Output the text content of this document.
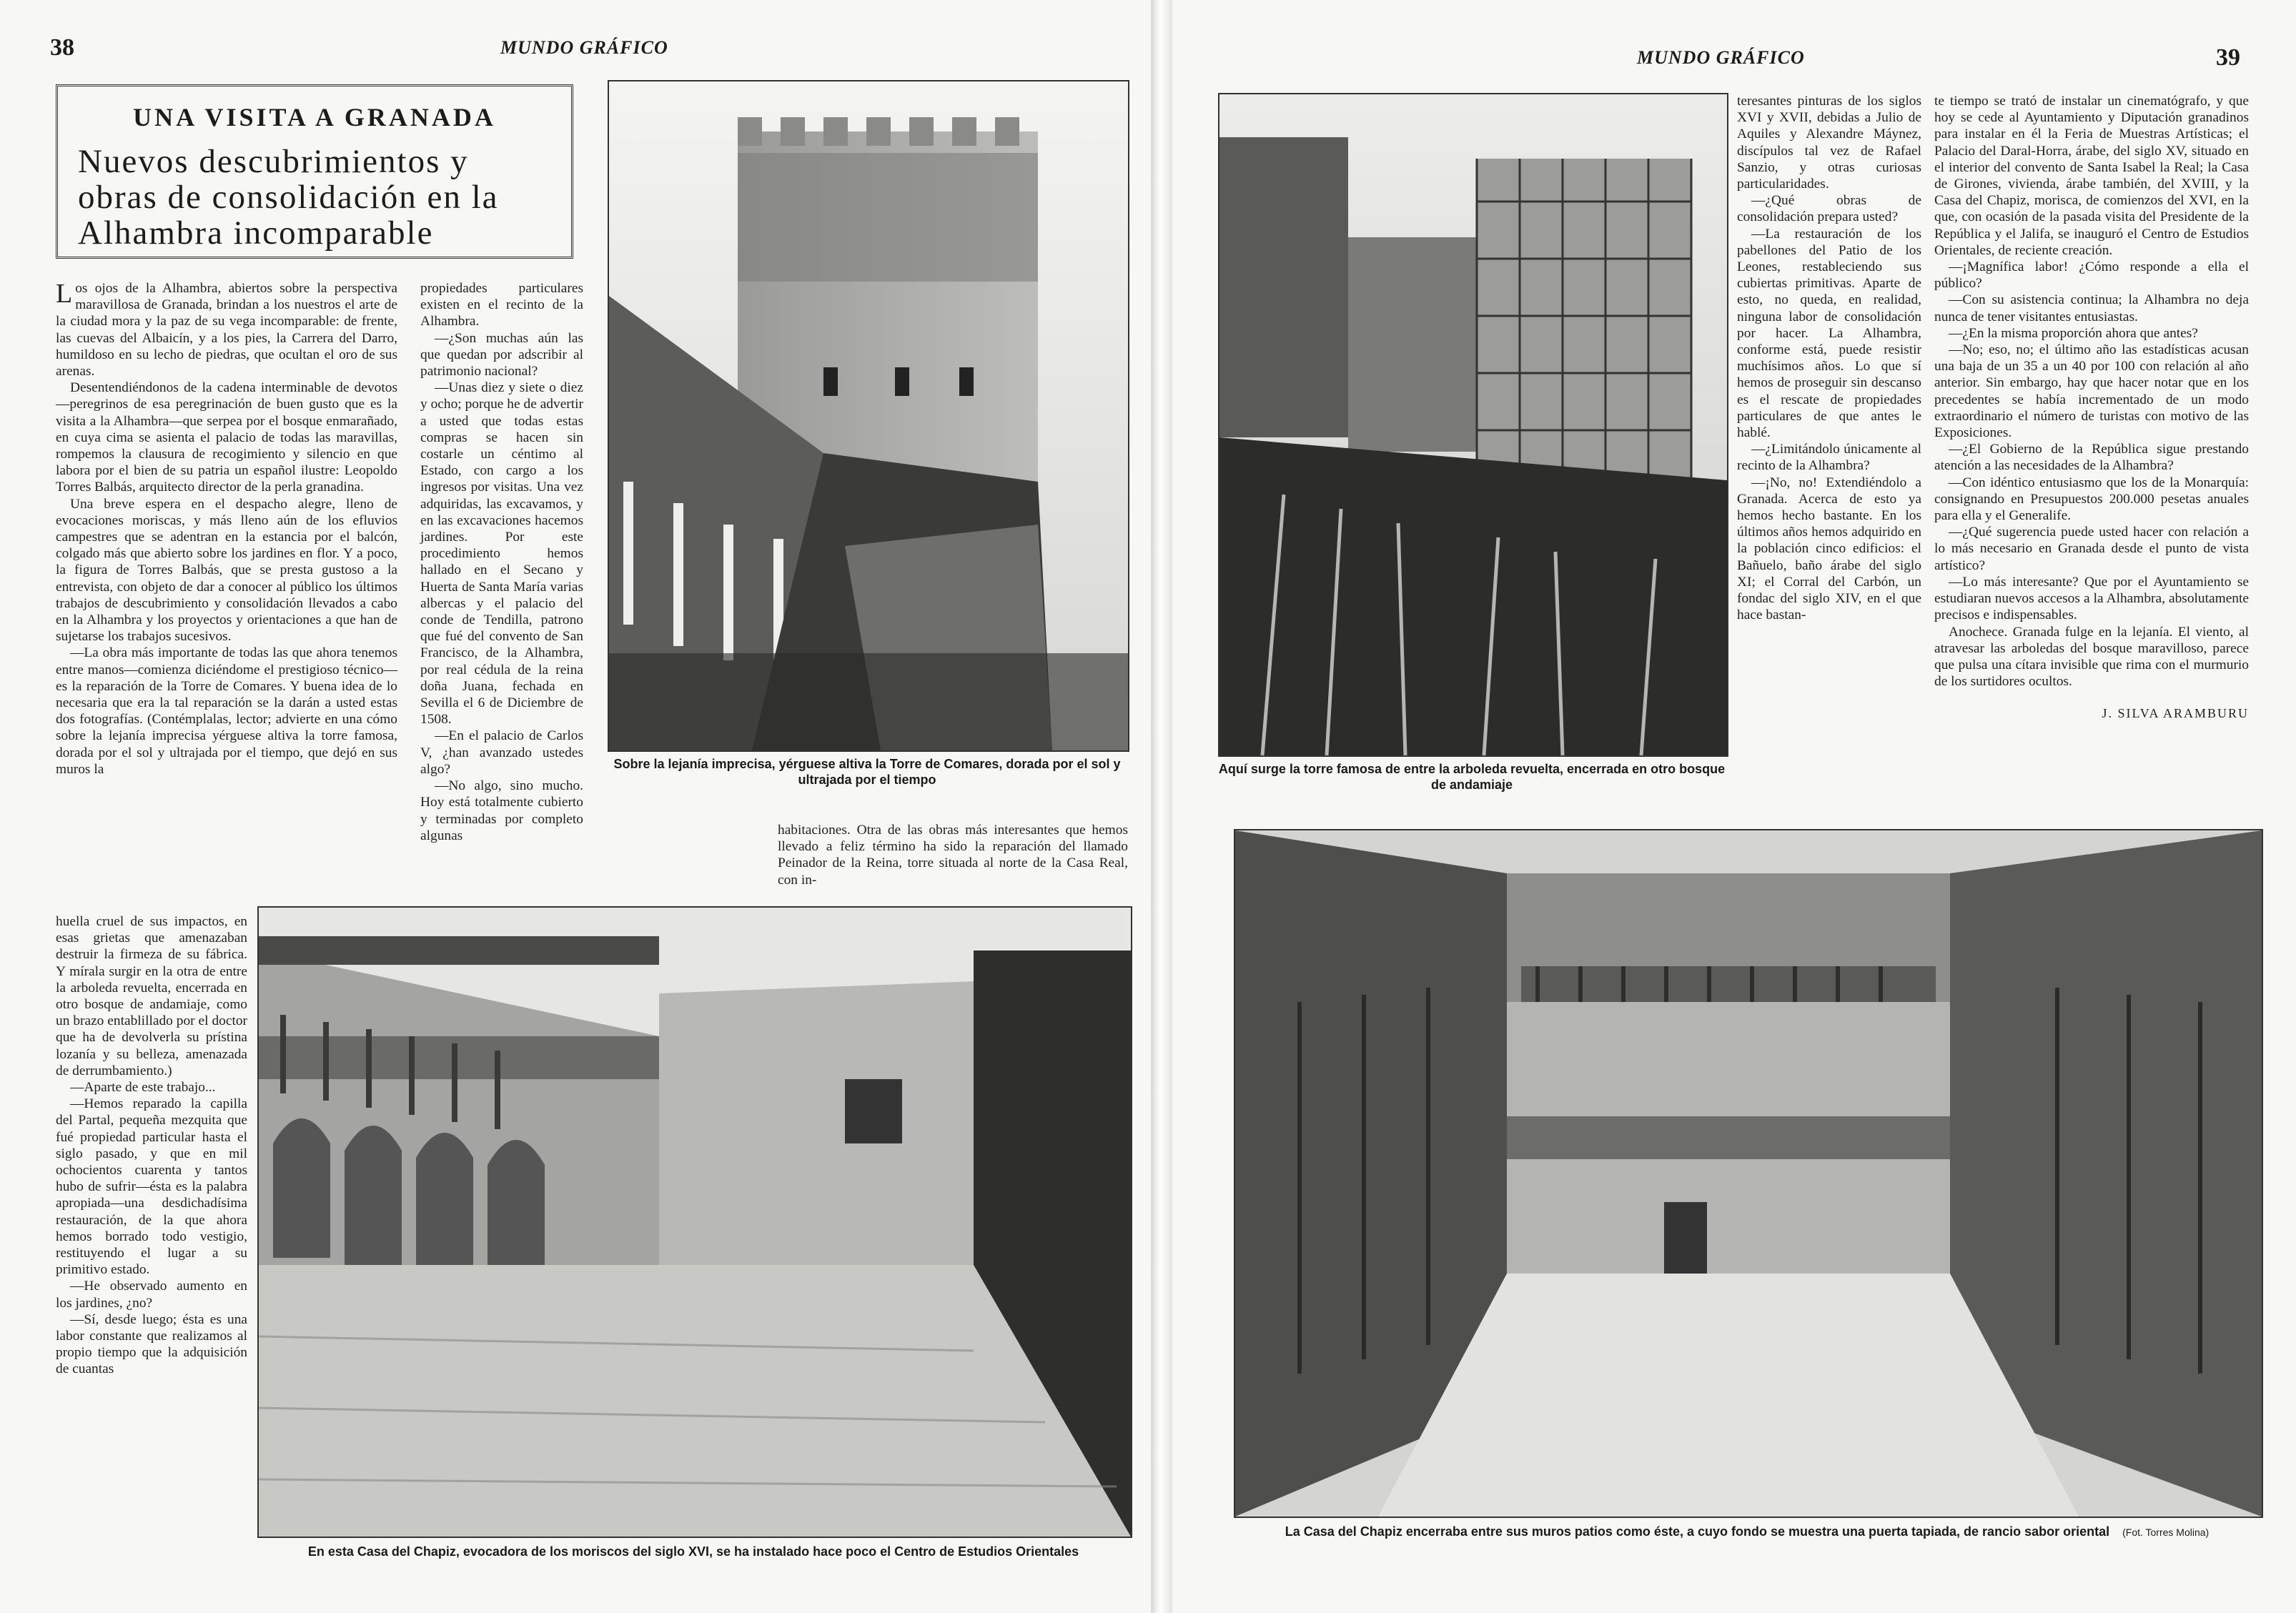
38	MUNDO GRÁFICO
UNA VISITA A GRANADA
Nuevos descubrimientos y obras de consolidación en la Alhambra incomparable
Sobre la lejanía imprecisa, yérguese altiva la Torre de Comares, dorada por el sol y ultrajada por el tiempo

Los ojos de la Alhambra, abiertos sobre la perspectiva maravillosa de Granada, brindan a los nuestros el arte de la ciudad mora y la paz de su vega incomparable: de frente, las cuevas del Albaicín, y a los pies, la Carrera del Darro, humildoso en su lecho de piedras, que ocultan el oro de sus arenas.

Desentendiéndonos de la cadena interminable de devotos—peregrinos de esa peregrinación de buen gusto que es la visita a la Alhambra—que serpea por el bosque enmarañado, en cuya cima se asienta el palacio de todas las maravillas, rompemos la clausura de recogimiento y silencio en que labora por el bien de su patria un español ilustre: Leopoldo Torres Balbás, arquitecto director de la perla granadina.

Una breve espera en el despacho alegre, lleno de evocaciones moriscas, y más lleno aún de los efluvios campestres que se adentran en la estancia por el balcón, colgado más que abierto sobre los jardines en flor. Y a poco, la figura de Torres Balbás, que se presta gustoso a la entrevista, con objeto de dar a conocer al público los últimos trabajos de descubrimiento y consolidación llevados a cabo en la Alhambra y los proyectos y orientaciones a que han de sujetarse los trabajos sucesivos.

—La obra más importante de todas las que ahora tenemos entre manos—comienza diciéndome el prestigioso técnico—es la reparación de la Torre de Comares. Y buena idea de lo necesaria que era la tal reparación se la darán a usted estas dos fotografías. (Contémplalas, lector; advierte en una cómo sobre la lejanía imprecisa yérguese altiva la torre famosa, dorada por el sol y ultrajada por el tiempo, que dejó en sus muros la

huella cruel de sus impactos, en esas grietas que amenazaban destruir la firmeza de su fábrica. Y mírala surgir en la otra de entre la arboleda revuelta, encerrada en otro bosque de andamiaje, como un brazo entablillado por el doctor que ha de devolverla su prístina lozanía y su belleza, amenazada de derrumbamiento.)

—Aparte de este trabajo...

—Hemos reparado la capilla del Partal, pequeña mezquita que fué propiedad particular hasta el siglo pasado, y que en mil ochocientos cuarenta y tantos hubo de sufrir—ésta es la palabra apropiada—una desdichadísima restauración, de la que ahora hemos borrado todo vestigio, restituyendo el lugar a su primitivo estado.

—He observado aumento en los jardines, ¿no?

—Sí, desde luego; ésta es una labor constante que realizamos al propio tiempo que la adquisición de cuantas

propiedades particulares existen en el recinto de la Alhambra.

—¿Son muchas aún las que quedan por adscribir al patrimonio nacional?

—Unas diez y siete o diez y ocho; porque he de advertir a usted que todas estas compras se hacen sin costarle un céntimo al Estado, con cargo a los ingresos por visitas. Una vez adquiridas, las excavamos, y en las excavaciones hacemos jardines. Por este procedimiento hemos hallado en el Secano y Huerta de Santa María varias albercas y el palacio del conde de Tendilla, patrono que fué del convento de San Francisco, de la Alhambra, por real cédula de la reina doña Juana, fechada en Sevilla el 6 de Diciembre de 1508.

—En el palacio de Carlos V, ¿han avanzado ustedes algo?

—No algo, sino mucho. Hoy está totalmente cubierto y terminadas por completo algunas	habitaciones. Otra de las obras más interesantes que hemos llevado a feliz término ha sido la reparación del llamado Peinador de la Reina, torre situada al norte de la Casa Real, con in-

En esta Casa del Chapiz, evocadora de los moriscos del siglo XVI, se ha instalado hace poco el Centro de Estudios Orientales
MUNDO GRÁFICO	39
Aquí surge la torre famosa de entre la arboleda revuelta, encerrada en otro bosque de andamiaje

teresantes pinturas de los siglos XVI y XVII, debidas a Julio de Aquiles y Alexandre Máynez, discípulos tal vez de Rafael Sanzio, y otras curiosas particularidades.

—¿Qué obras de consolidación prepara usted?

—La restauración de los pabellones del Patio de los Leones, restableciendo sus cubiertas primitivas. Aparte de esto, no queda, en realidad, ninguna labor de consolidación por hacer. La Alhambra, conforme está, puede resistir muchísimos años. Lo que sí hemos de proseguir sin descanso es el rescate de propiedades particulares de que antes le hablé.

—¿Limitándolo únicamente al recinto de la Alhambra?

—¡No, no! Extendiéndolo a Granada. Acerca de esto ya hemos hecho bastante. En los últimos años hemos adquirido en la población cinco edificios: el Bañuelo, baño árabe del siglo XI; el Corral del Carbón, un fondac del siglo XIV, en el que hace bastan-

te tiempo se trató de instalar un cinematógrafo, y que hoy se cede al Ayuntamiento y Diputación granadinos para instalar en él la Feria de Muestras Artísticas; el Palacio del Daral-Horra, árabe, del siglo XV, situado en el interior del convento de Santa Isabel la Real; la Casa de Girones, vivienda, árabe también, del XVIII, y la Casa del Chapiz, morisca, de comienzos del XVI, en la que, con ocasión de la pasada visita del Presidente de la República y el Jalifa, se inauguró el Centro de Estudios Orientales, de reciente creación.

—¡Magnífica labor! ¿Cómo responde a ella el público?

—Con su asistencia continua; la Alhambra no deja nunca de tener visitantes entusiastas.

—¿En la misma proporción ahora que antes?

—No; eso, no; el último año las estadísticas acusan una baja de un 35 a un 40 por 100 con relación al año anterior. Sin embargo, hay que hacer notar que en los precedentes se había incrementado de un modo extraordinario el número de turistas con motivo de las Exposiciones.

—¿El Gobierno de la República sigue prestando atención a las necesidades de la Alhambra?

—Con idéntico entusiasmo que los de la Monarquía: consignando en Presupuestos 200.000 pesetas anuales para ella y el Generalife.

—¿Qué sugerencia puede usted hacer con relación a lo más necesario en Granada desde el punto de vista artístico?

—Lo más interesante? Que por el Ayuntamiento se estudiaran nuevos accesos a la Alhambra, absolutamente precisos e indispensables.

Anochece. Granada fulge en la lejanía. El viento, al atravesar las arboledas del bosque maravilloso, parece que pulsa una cítara invisible que rima con el murmurio de los surtidores ocultos.

J. SILVA ARAMBURU

La Casa del Chapiz encerraba entre sus muros patios como éste, a cuyo fondo se muestra una puerta tapiada, de rancio sabor oriental (Fot. Torres Molina)
